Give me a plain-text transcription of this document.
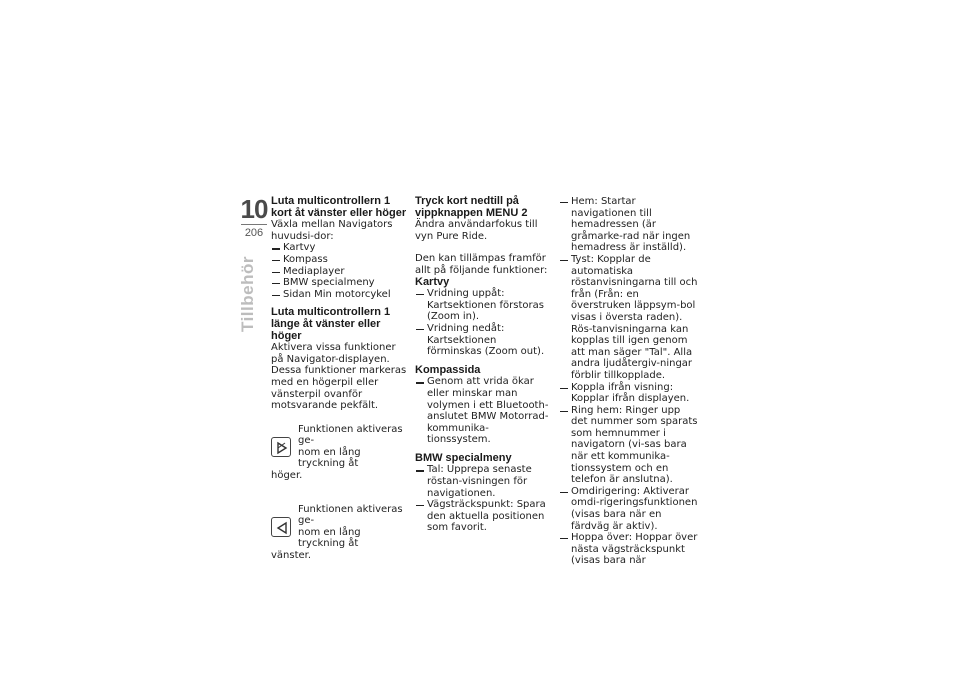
10
206
Tillbehör
Luta multicontrollern 1 kort åt vänster eller höger

Växla mellan Navigators huvudsi-dor:

Kartvy
Kompass
Mediaplayer
BMW specialmeny
Sidan Min motorcykel
Luta multicontrollern 1 länge åt vänster eller höger

Aktivera vissa funktioner på Navigator-displayen. Dessa funktioner markeras med en högerpil eller vänsterpil ovanför motsvarande pekfält.

Funktionen aktiveras ge-
nom en lång tryckning åt
höger.
Funktionen aktiveras ge-
nom en lång tryckning åt
vänster.
Tryck kort nedtill på vippknappen MENU 2

Ändra användarfokus till vyn Pure Ride.

Den kan tillämpas framför allt på följande funktioner:

Kartvy
Vridning uppåt: Kartsektionen förstoras (Zoom in).
Vridning nedåt: Kartsektionen förminskas (Zoom out).
Kompassida
Genom att vrida ökar eller minskar man volymen i ett Bluetooth-anslutet BMW Motorrad-kommunika-tionssystem.
BMW specialmeny
Tal: Upprepa senaste röstan-visningen för navigationen.
Vägsträckspunkt: Spara den aktuella positionen som favorit.
Hem: Startar navigationen till hemadressen (är gråmarke-rad när ingen hemadress är inställd).
Tyst: Kopplar de automatiska röstanvisningarna till och från (Från: en överstruken läppsym-bol visas i översta raden). Rös-tanvisningarna kan kopplas till igen genom att man säger "Tal". Alla andra ljudåtergiv-ningar förblir tillkopplade.
Koppla ifrån visning: Kopplar ifrån displayen.
Ring hem: Ringer upp det nummer som sparats som hemnummer i navigatorn (vi-sas bara när ett kommunika-tionssystem och en telefon är anslutna).
Omdirigering: Aktiverar omdi-rigeringsfunktionen (visas bara när en färdväg är aktiv).
Hoppa över: Hoppar över nästa vägsträckspunkt (visas bara när
